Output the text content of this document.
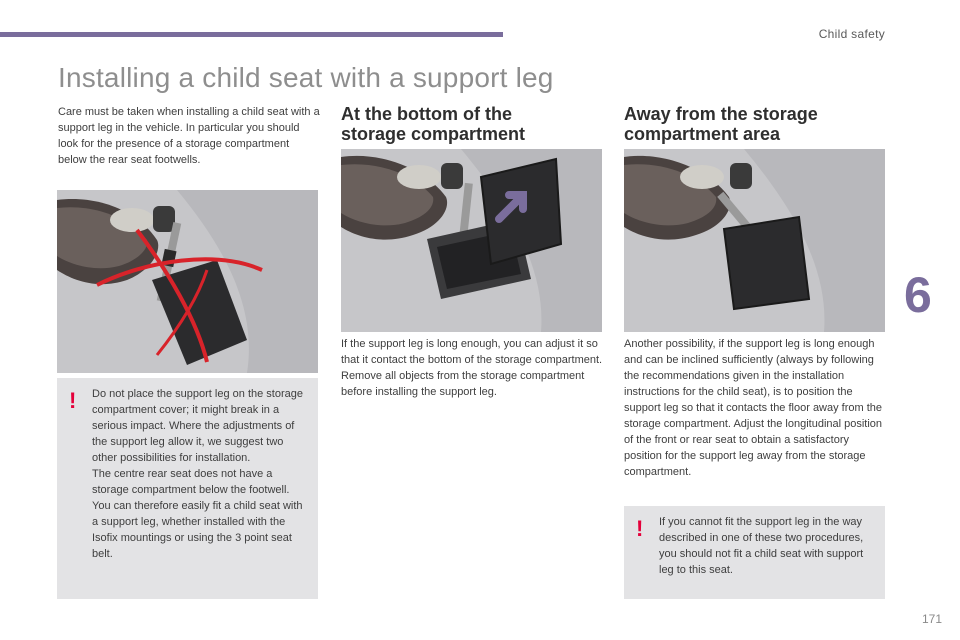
Child safety
Installing a child seat with a support leg

Care must be taken when installing a child seat with a support leg in the vehicle. In particular you should look for the presence of a storage compartment below the rear seat footwells.

! Do not place the support leg on the storage compartment cover; it might break in a serious impact. Where the adjustments of the support leg allow it, we suggest two other possibilities for installation.

The centre rear seat does not have a storage compartment below the footwell. You can therefore easily fit a child seat with a support leg, whether installed with the Isofix mountings or using the 3 point seat belt.

At the bottom of the
storage compartment
If the support leg is long enough, you can adjust it so that it contact the bottom of the storage compartment. Remove all objects from the storage compartment before installing the support leg.
Away from the storage
compartment area
Another possibility, if the support leg is long enough and can be inclined sufficiently (always by following the recommendations given in the installation instructions for the child seat), is to position the support leg so that it contacts the floor away from the storage compartment. Adjust the longitudinal position of the front or rear seat to obtain a satisfactory position for the support leg away from the storage compartment.
! If you cannot fit the support leg in the way described in one of these two procedures, you should not fit a child seat with support leg to this seat.
6
171
